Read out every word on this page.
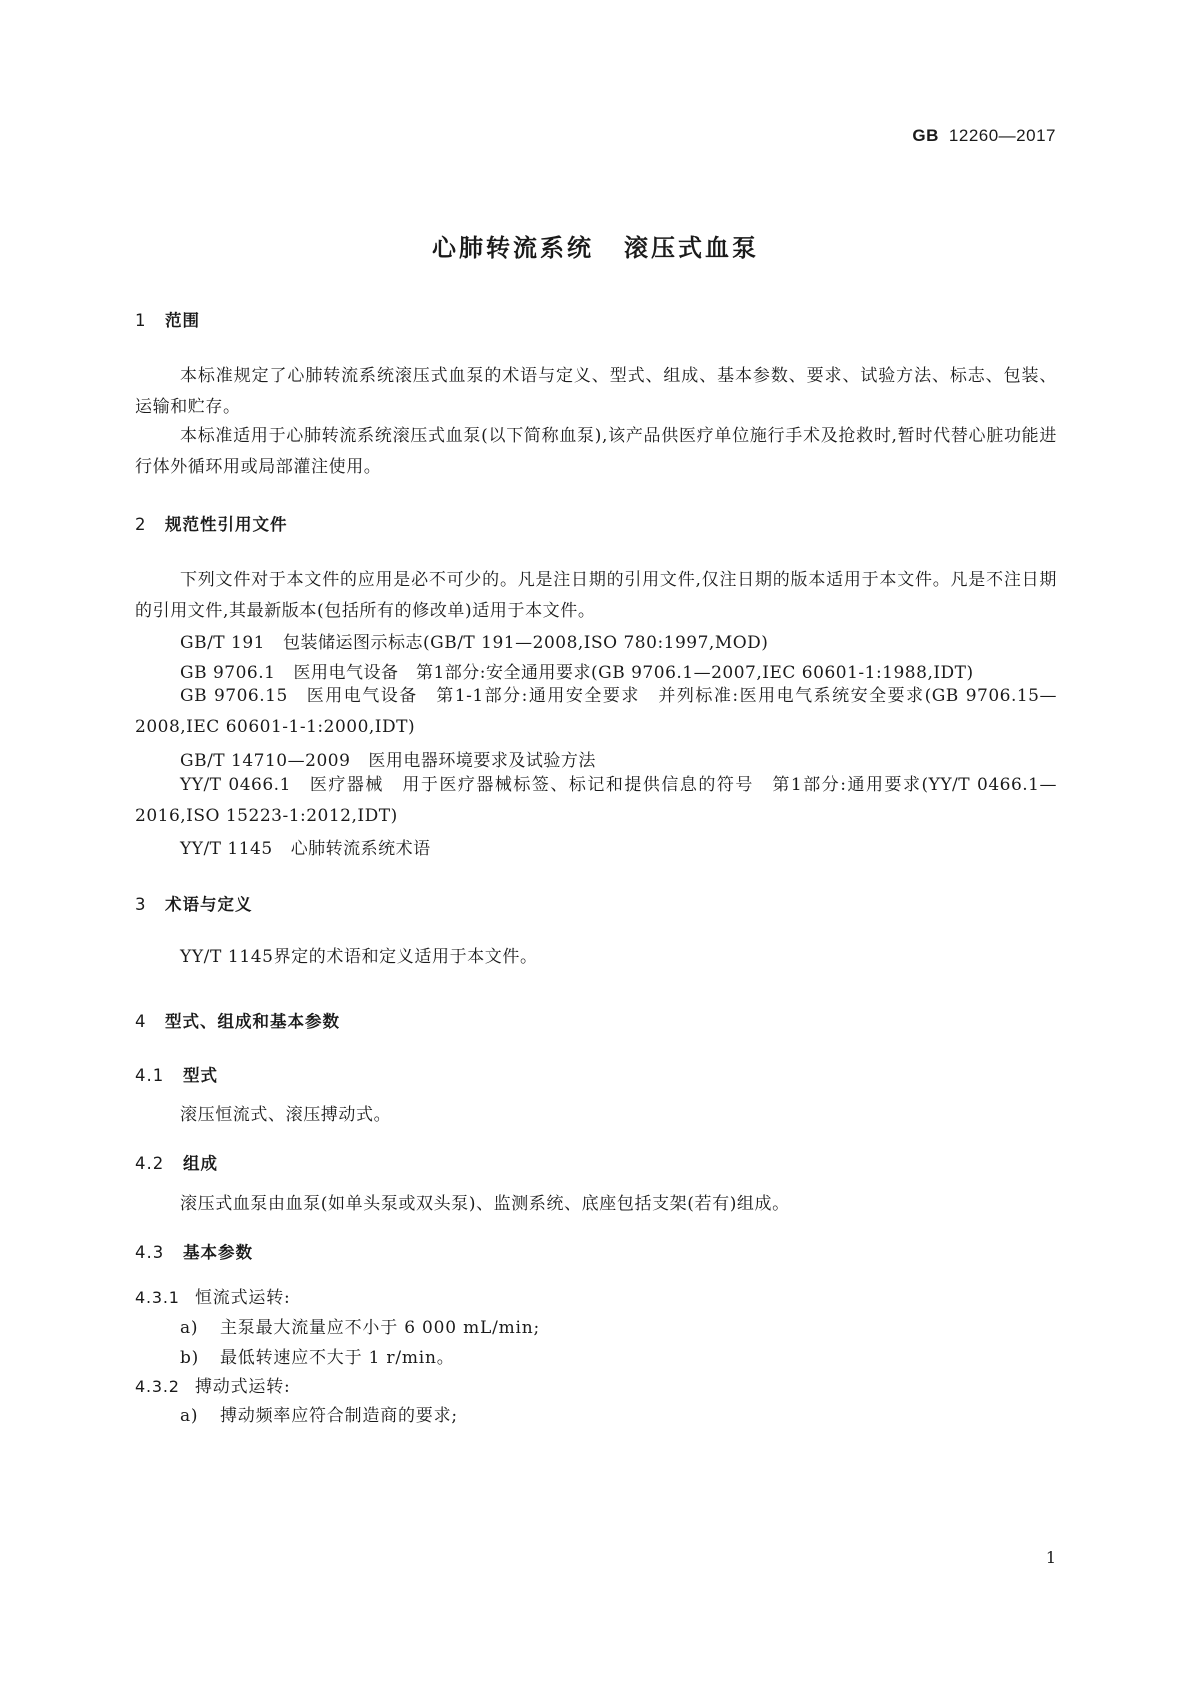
GB 12260—2017
心肺转流系统 滚压式血泵
1 范围
本标准规定了心肺转流系统滚压式血泵的术语与定义、型式、组成、基本参数、要求、试验方法、标志、包装、运输和贮存。
本标准适用于心肺转流系统滚压式血泵(以下简称血泵),该产品供医疗单位施行手术及抢救时,暂时代替心脏功能进行体外循环用或局部灌注使用。
2 规范性引用文件
下列文件对于本文件的应用是必不可少的。凡是注日期的引用文件,仅注日期的版本适用于本文件。凡是不注日期的引用文件,其最新版本(包括所有的修改单)适用于本文件。
GB/T 191 包装储运图示标志(GB/T 191—2008,ISO 780:1997,MOD)
GB 9706.1 医用电气设备　第1部分:安全通用要求(GB 9706.1—2007,IEC 60601-1:1988,IDT)
GB 9706.15 医用电气设备　第1-1部分:通用安全要求　并列标准:医用电气系统安全要求(GB 9706.15—2008,IEC 60601-1-1:2000,IDT)
GB/T 14710—2009 医用电器环境要求及试验方法
YY/T 0466.1 医疗器械　用于医疗器械标签、标记和提供信息的符号　第1部分:通用要求(YY/T 0466.1—2016,ISO 15223-1:2012,IDT)
YY/T 1145 心肺转流系统术语
3 术语与定义
YY/T 1145界定的术语和定义适用于本文件。
4 型式、组成和基本参数
4.1 型式
滚压恒流式、滚压搏动式。
4.2 组成
滚压式血泵由血泵(如单头泵或双头泵)、监测系统、底座包括支架(若有)组成。
4.3 基本参数
4.3.1 恒流式运转:
a) 主泵最大流量应不小于 6 000 mL/min;
b) 最低转速应不大于 1 r/min。
4.3.2 搏动式运转:
a) 搏动频率应符合制造商的要求;
1
